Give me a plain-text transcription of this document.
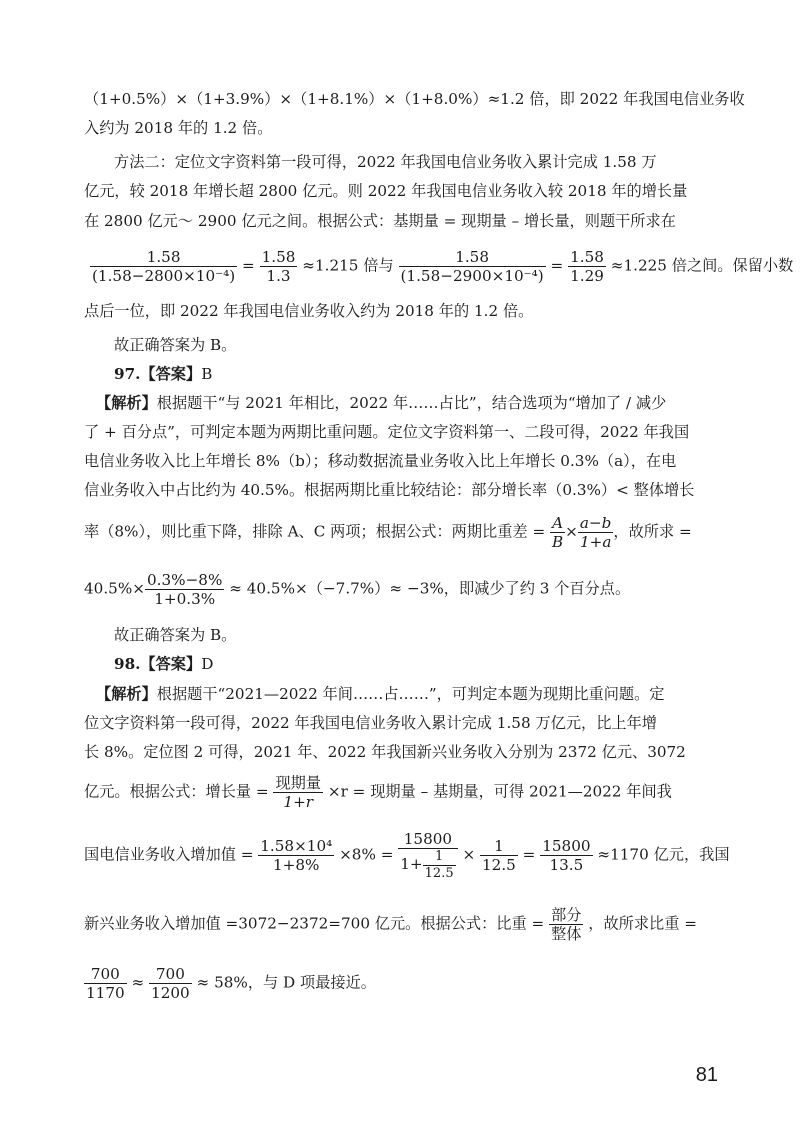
（1+0.5%）×（1+3.9%）×（1+8.1%）×（1+8.0%）≈1.2 倍，即 2022 年我国电信业务收
入约为 2018 年的 1.2 倍。
方法二：定位文字资料第一段可得，2022 年我国电信业务收入累计完成 1.58 万
亿元，较 2018 年增长超 2800 亿元。则 2022 年我国电信业务收入较 2018 年的增长量
在 2800 亿元～ 2900 亿元之间。根据公式：基期量 = 现期量 – 增长量，则题干所求在
$\frac{1.58}{\text{(1.58−2800×10⁻⁴)}} = \frac{1.58}{1.3} \approx 1.215$ 倍与 $\frac{1.58}{\text{(1.58−2900×10⁻⁴)}} = \frac{1.58}{1.29} \approx 1.225$ 倍之间。保留小数
点后一位，即 2022 年我国电信业务收入约为 2018 年的 1.2 倍。
故正确答案为 B。
97.【答案】B
【解析】根据题干“与 2021 年相比，2022 年……占比”，结合选项为“增加了 / 减少
了 + 百分点”，可判定本题为两期比重问题。定位文字资料第一、二段可得，2022 年我国
电信业务收入比上年增长 8%（b）；移动数据流量业务收入比上年增长 0.3%（a），在电
信业务收入中占比约为 40.5%。根据两期比重比较结论：部分增长率（0.3%）< 整体增长
率（8%），则比重下降，排除 A、C 两项；根据公式：两期比重差 = $\frac{A}{B} \times \frac{a-b}{1+a}$ ，故所求 =
$40.5\%\times \frac{0.3\%-8\%}{1+0.3\%} \approx 40.5\%\times(-7.7\%)\approx -3\%$，即减少了约 3 个百分点。
故正确答案为 B。
98.【答案】D
【解析】根据题干“2021—2022 年间……占……”，可判定本题为现期比重问题。定
位文字资料第一段可得，2022 年我国电信业务收入累计完成 1.58 万亿元，比上年增
长 8%。定位图 2 可得，2021 年、2022 年我国新兴业务收入分别为 2372 亿元、3072
亿元。根据公式：增长量 = 现期量
1+r
×r = 现期量 – 基期量，可得 2021—2022 年间我
国电信业务收入增加值 = $\frac{\text{1.58×10⁴}}{1+8\%} \times 8\% = \frac{15800}{1+ \frac{1}{12.5}} \times \frac{1}{12.5} = \frac{15800}{13.5} \approx 1170$ 亿元，我国
新兴业务收入增加值 =3072−2372=700 亿元。根据公式：比重 = 部分
整体
，故所求比重 =
$\frac{700}{1170} \approx \frac{700}{1200} \approx 58\%$，与 D 项最接近。
81
